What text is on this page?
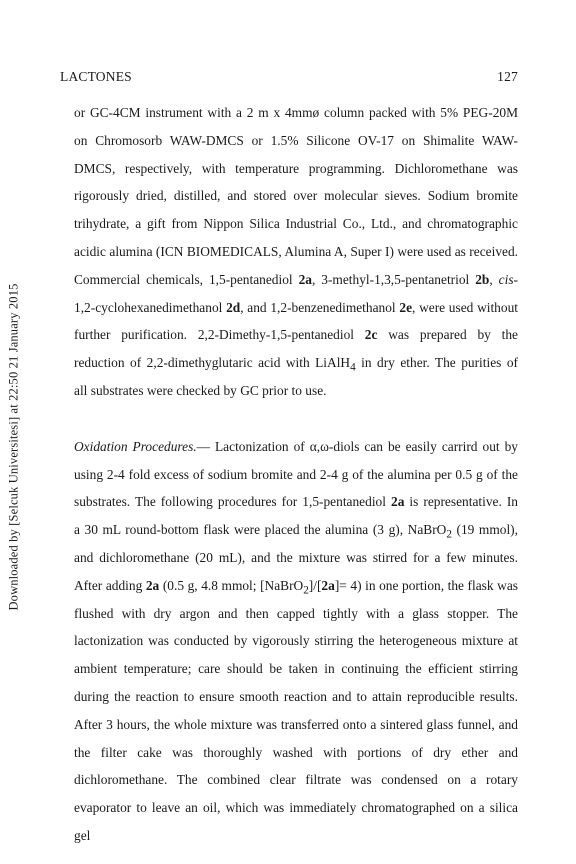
LACTONES	127
Downloaded by [Selcuk Universitesi] at 22:50 21 January 2015
or GC-4CM instrument with a 2 m x 4mmø column packed with 5% PEG-20M
on Chromosorb WAW-DMCS or 1.5% Silicone OV-17 on Shimalite WAW-
DMCS, respectively, with temperature programming. Dichloromethane was
rigorously dried, distilled, and stored over molecular sieves. Sodium bromite
trihydrate, a gift from Nippon Silica Industrial Co., Ltd., and chromatographic
acidic alumina (ICN BIOMEDICALS, Alumina A, Super I) were used as received.
Commercial chemicals, 1,5-pentanediol 2a, 3-methyl-1,3,5-pentanetriol 2b, cis-
1,2-cyclohexanedimethanol 2d, and 1,2-benzenedimethanol 2e, were used without
further purification. 2,2-Dimethy-1,5-pentanediol 2c was prepared by the
reduction of 2,2-dimethyglutaric acid with LiAlH$_4$ in dry ether. The purities of
all substrates were checked by GC prior to use.
Oxidation Procedures.— Lactonization of α,ω-diols can be easily carrird out by
using 2-4 fold excess of sodium bromite and 2-4 g of the alumina per 0.5 g of the
substrates. The following procedures for 1,5-pentanediol 2a is representative. In
a 30 mL round-bottom flask were placed the alumina (3 g), NaBrO$_2$ (19 mmol),
and dichloromethane (20 mL), and the mixture was stirred for a few minutes.
After adding 2a (0.5 g, 4.8 mmol; [NaBrO$_2$]/[2a]= 4) in one portion, the flask was
flushed with dry argon and then capped tightly with a glass stopper. The
lactonization was conducted by vigorously stirring the heterogeneous mixture at
ambient temperature; care should be taken in continuing the efficient stirring
during the reaction to ensure smooth reaction and to attain reproducible results.
After 3 hours, the whole mixture was transferred onto a sintered glass funnel, and
the filter cake was thoroughly washed with portions of dry ether and
dichloromethane. The combined clear filtrate was condensed on a rotary
evaporator to leave an oil, which was immediately chromatographed on a silica gel
